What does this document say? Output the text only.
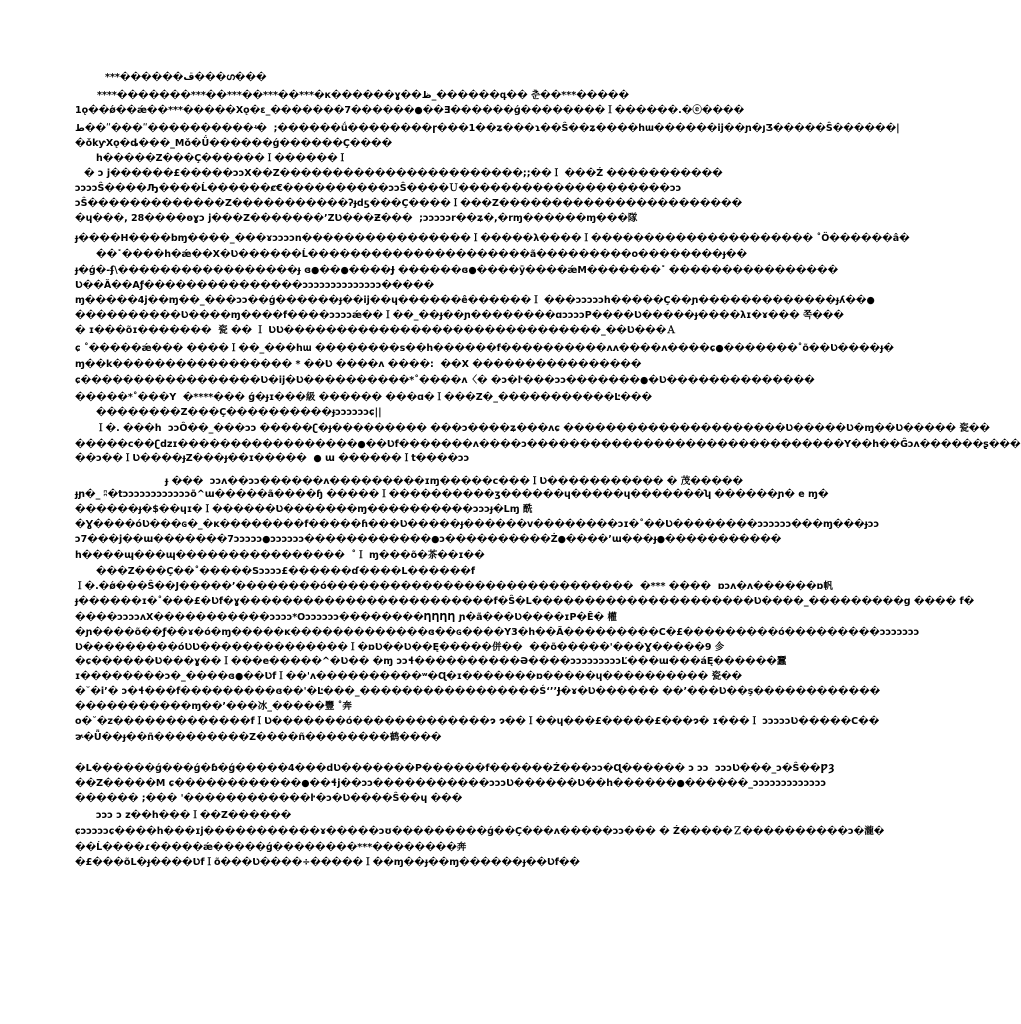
***������ڦ���ഗ���
****�������***��***��***��***�к������ɣ��ظ_������գ�� 춘��***�����
1ǫ��ǿ��ǽ��***�����Xǫ�ɛ_�������7������●��Ǝ������ǵ��������Ｉ������.�ⓔ����
ط��ʺ���ʺ����������ʵ�  ;������ǘ��������ɼ���1��ʑ���ɿ��Ŝ��ʑ����hա������ij��ɲ�ȷƷ�����Ŝ������|
�ǒkƴXǫ�ȡ���_Mǒ�Ǘ������ǵ������Ç����
h�����Z���Ç������Ｉ������Ｉ
� ɔ j������£�����ɔɔX��Z�����������������������;;��Ｉ ���Ź �����������
ɔɔɔɔŜ����Ԡ����Ĺ������ȼ€����������ɔɔŜ����Ｕ��������������������ɔɔ
ɔŜ�������������Z�����������ʔɟdƽ���Ç����Ｉ���Z�����������������������
�ɥ���, 28����ɵɣɔ j���Z�������ʼZƲ���Ƶ���  ;ɔɔɔɔɔr��ʑ�,�rɱ������ɱ���隊
ɟ����H����bɱ����_���ɤɔɔɔɔn����������������Ｉ�����λ����Ｉ��������������������� ˚Ö������â�
��˟����h�ǽ��X�Ʋ������Ĺ���������������������ã���������o��������ɟ��
ɟ�ǵ�-ʄ\�����������������ɟ ɞ●��●����Ɉ ������ɞ●����ȳ����ǽM�������˟ ����������������
Ʋ��Ǎ��Aƒ���������������ɔɔɔɔɔɔɔɔɔɔɔɔɔɔ�����
ɱ�����4j��ɱ��_���ɔɔ��ǵ������ɟ��ij��ɥ������ê������Ｉ ���ɔɔɔɔɔh�����Ç��ɲ�������������ɟʎ��●
����������Ʋ����ɱ����f����ɔɔɔɔǽ��Ｉ��_��ɟ��ɲ��������ɑɔɔɔɔP����Ʋ�����ɟ����λɪ�ɤ��� 쪽���
� ɪ���õɪ�������  瓷 �� Ｉ ƲƲ������������������������������_��Ʋ���Ａ
ɕ ˚�����ǽ��� ����Ｉ��_���hա ��������s��h������f����������ʌʌ����ʌ����ɕ●�������˚õ��Ʋ����ɟ�
ɱ��k����������������� * ��Ʋ ����ʌ ����:  ��X ����������������
ɕ�����������������Ʋ�ij�Ʋ����������*˚����ʌ〈� �ɔ�ŀ���ɔɔ�������●�Ʋ��������������
�����*˚���Y  �****��� ǵ�ɟɪ���級 ������ ���ɑ�Ｉ���Z�_�����������Ŀ���
��������Z���Ç����������ɟɔɔɔɔɔɔɕ||
Ｉ�. ���h  ɔɔÔ��_���ɔɔ �����ʗ�ɟ��������� ���ɔ����ʑ���ʌɕ ���������������������Ʋ�����Ʋ�ɱ��Ʋ����� 瓷��
�����c��ʗǳɪ�����������������●��Ʋf�������ʌ����ɔ������������������������������Y��h��Ĝɔʌ������ʂ���
��ɔ��ＩƲ����ɟZ���ɟ��ɪ�����  ● ɯ ������Ｉt����ɔɔ
ɟ ���  ɔɔʌ��ɔɔ������ʌ���������ɪɱ�����c���ＩƲ����������� � 茂�����
ɟɲ�_ ʭ�tɔɔɔɔɔɔɔɔɔɔɔɔõ^ɯ�����ã����ɧ �����Ｉ����������ʒ������ɥ�����ɥ�������ʮ ������ɲ� e ɱ�
������ɟ�$��ɥɪ�Ｉ������Ʋ�������ɱ����������ɔɔɔɟ�Lɱ 酰
�Ɣ����óƲ���ɢ�_�ᴋ��������f�����ɦ���Ʋ�����ɟ������v��������ɔɪ�˚��Ʋ��������ɔɔɔɔɔɔ���ɱ���ɟɔɔ
ɔ7���j��ɯ�������7ɔɔɔɔɔ●ɔɔɔɔɔɔ������������●ɔ����������Ż●����ʼɯ���ɟ●�����������
h����ɰ���ɰ����������������  ˚Ｉ ɱ���õ�茶��ɪ��
���Z���Ç��˚�����Sɔɔɔɔ£������ɗ����L������f
Ｉ�.�ǿ���Ŝ��J�����ʼ��������ó�����������������������������  �*** ����  ɒɔʌ�ʌ������ɒ帆
ɟ������ɪ�˚���£�Ʋf�ɣ������������������������f�Ŝ�L���������������������Ʋ����_���������g ���� f�
����ɔɔɔɔʌX�����������ɔɔɔɔ*Oɔɔɔɔɔɔ��������ȠȠȠȠ ɲ�ã���Ʋ����ɪP�Ê� 權
�ɲ����õ��ƒ��ɤ�ó�ɱ�����ᴋ�������������ɞ��ɢ����Y3�h��Ã���������C�£���������ó���������ɔɔɔɔɔɔɔ
Ʋ���������óƲƲ��������������Ｉ�ɒƲ��Ʋ��Ę�����併��  ��õ�����'���Ɣ�����9 㐱
�ɕ������Ʋ���ɣ��Ｉ���e�����^�Ʋ�� �ɱ ɔɔɬ����������Ə����ɔɔɔɔɔɔɔɔɔĽ���ɯ���áĘ������蠶
ɪ��������ɔ�_����ɞ●��ƲfＩ��'ʌ����������ʷ�Ɋ�ɪ�������ɒ�����ɥ���������� 瓷��
�˘�iʼ� ɔ�ɬ���f���������ɞ��'�Ŀ���_�����������������ŚʻʼʼɈ�ɤ�Ʋ������ ��ʼ���Ʋ��ş������������
�����������ɱ��ʼ���冰_�����豐 ˚奔
o�˘�z�������������fＩƲ�������ó�������������ɂ ɂ��Ｉ��ɥ���£�����£���ɂ� ɪ���Ｉ ɔɔɔɔɔƲ�����C��
ɚ�Ǖ��ɟ��ñ���������Z����ñ��������鹤����
�L������ǵ���ǵ�ɓ�ǵ�����4���dƲ�������P������f������Ź���ɔɔ�Ɋ������ ɔ ɔɔ  ɔɔɔƲ���_ɔ�Ŝ��ǷȜ
��Z�����M ɕ������������●��ɬj��ɔɔ�����������ɔɔɔƲ������Ʋ��h������●������_ɔɔɔɔɔɔɔɔɔɔɔɔɔ
������ ;��� '������������ŀ�ɔ�Ʋ����Ŝ��ɥ ���
ɔɔɔ ɔ z��h���Ｉ��Z������
ɕɔɔɔɔɔɕ����h���ɪj�����������ɤ�����ɔʊ���������ǵ��Ç���ʌ�����ɔɔ��� � Ź�����Ｚ����������ɔ�瀧�
��Ĺ����ɾ�����ǽ�����ǵ��������***��������奔
�£���õL�ɟ����ƲfＩõ���Ʋ����÷�����Ｉ��ɱ��ɟ��ɱ������ɟ��Ʋf��
